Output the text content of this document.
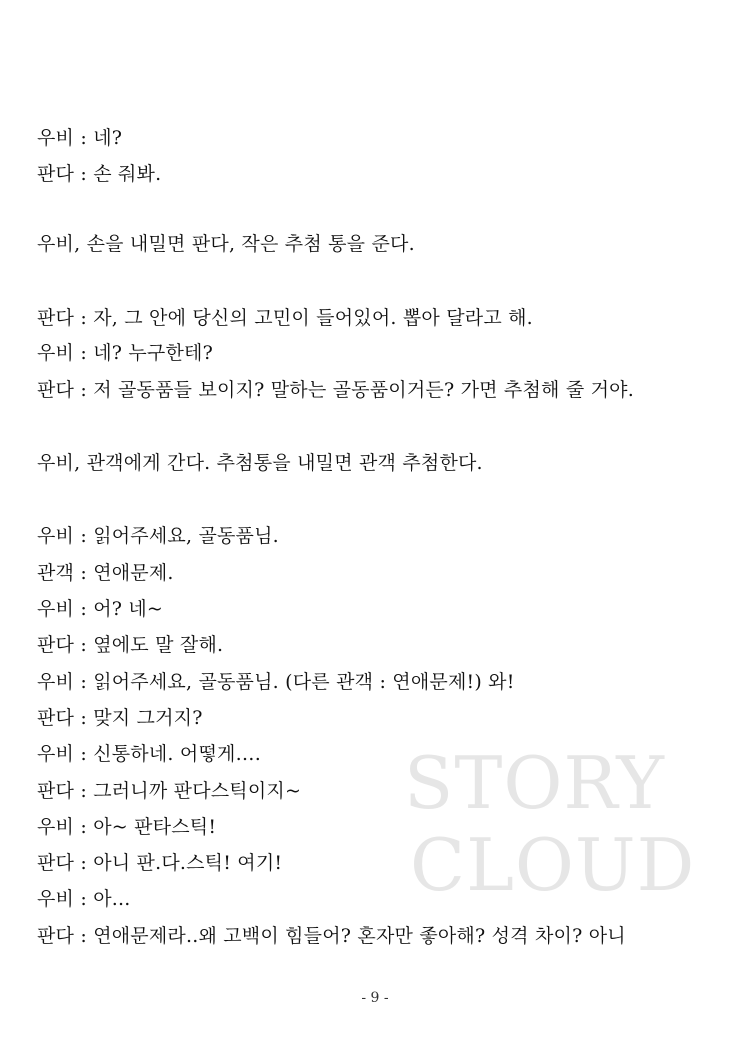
우비 : 네?
판다 : 손 줘봐.
우비, 손을 내밀면 판다, 작은 추첨 통을 준다.
판다 : 자, 그 안에 당신의 고민이 들어있어. 뽑아 달라고 해.
우비 : 네? 누구한테?
판다 : 저 골동품들 보이지? 말하는 골동품이거든? 가면 추첨해 줄 거야.
우비, 관객에게 간다. 추첨통을 내밀면 관객 추첨한다.
우비 : 읽어주세요, 골동품님.
관객 : 연애문제.
우비 : 어? 네~
판다 : 옆에도 말 잘해.
우비 : 읽어주세요, 골동품님. (다른 관객 : 연애문제!) 와!
판다 : 맞지 그거지?
우비 : 신통하네. 어떻게….
판다 : 그러니까 판다스틱이지~
우비 : 아~ 판타스틱!
판다 : 아니 판.다.스틱! 여기!
우비 : 아...
판다 : 연애문제라..왜 고백이 힘들어? 혼자만 좋아해? 성격 차이? 아니
STORY
CLOUD
- 9 -
